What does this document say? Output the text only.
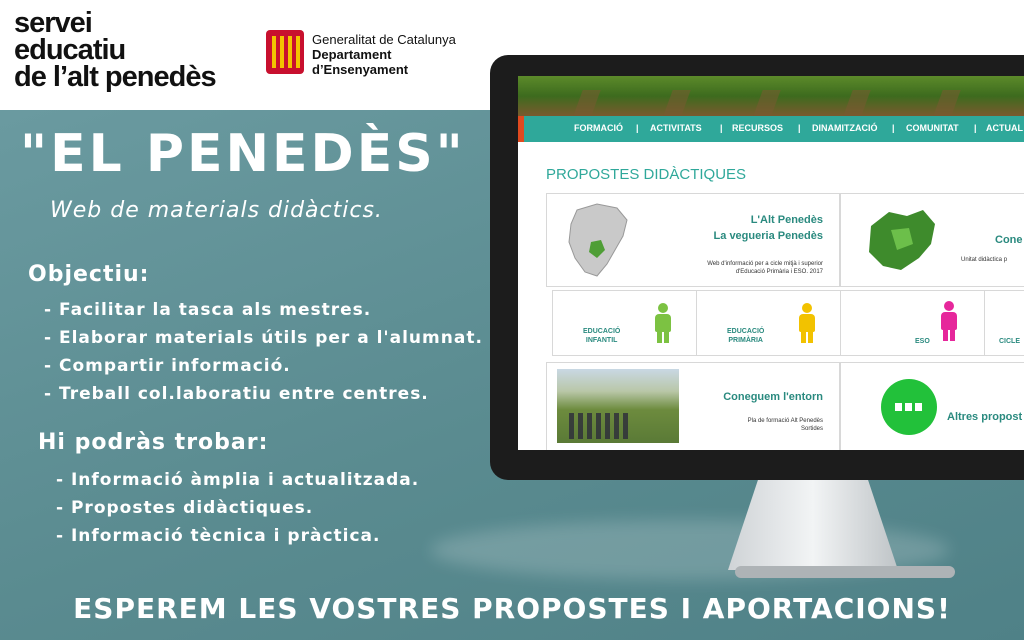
servei
educatiu
de l’alt penedès
Generalitat de Catalunya
Departament
d’Ensenyament
"EL PENEDÈS"
Web de materials didàctics.
Objectiu:
- Facilitar la tasca als mestres.
- Elaborar materials útils per a l'alumnat.
- Compartir informació.
- Treball col.laboratiu entre centres.
Hi podràs trobar:
- Informació àmplia i actualitzada.
- Propostes didàctiques.
- Informació tècnica i pràctica.
ESPEREM LES VOSTRES PROPOSTES I APORTACIONS!
FORMACIÓ | ACTIVITATS | RECURSOS | DINAMITZACIÓ | COMUNITAT | ACTUAL
PROPOSTES DIDÀCTIQUES
L'Alt Penedès
La vegueria Penedès
Web d'informació per a cicle mitjà i superior
d'Educació Primària i ESO. 2017
Cone
Unitat didàctica p
EDUCACIÓ
INFANTIL
EDUCACIÓ
PRIMÀRIA	ESO	CICLE
Coneguem l'entorn
Pla de formació Alt Penedès
Sortides
Altres propost
